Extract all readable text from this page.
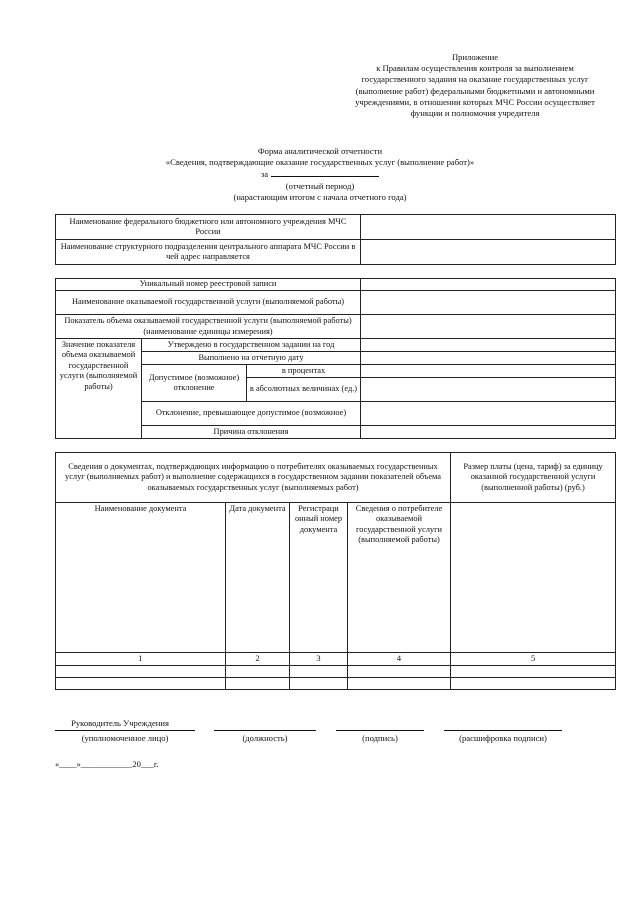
Приложение
к Правилам осуществления контроля за выполнением
государственного задания на оказание государственных услуг
(выполнение работ) федеральными бюджетными и автономными
учреждениями, в отношении которых МЧС России осуществляет
функции и полномочия учредителя
Форма аналитической отчетности
«Сведения, подтверждающие оказание государственных услуг (выполнение работ)»
за
(отчетный период)
(нарастающим итогом с начала отчетного года)
Наименование федерального бюджетного или автономного учреждения МЧС России	
Наименование структурного подразделения центрального аппарата МЧС России в чей адрес направляется	
Уникальный номер реестровой записи			
Наименование оказываемой государственной услуги (выполняемой работы)			
Показатель объема оказываемой государственной услуги (выполняемой работы) (наименование единицы измерения)			
Значение показателя объема оказываемой государственной услуги (выполняемой работы)	Утверждено в государственном задании на год		
	Выполнено на отчетную дату		
	Допустимое (возможное) отклонение	в процентах	
		в абсолютных величинах (ед.)	
	Отклонение, превышающее допустимое (возможное)		
	Причина отклонения		
Сведения о документах, подтверждающих информацию о потребителях оказываемых государственных услуг (выполняемых работ) и выполнение содержащихся в государственном задании показателей объема оказываемых государственных услуг (выполняемых работ)				Размер платы (цена, тариф) за единицу оказанной государственной услуги (выполненной работы) (руб.)
Наименование документа	Дата документа	Регистраци онный номер документа	Сведения о потребителе оказываемой государственной услуги (выполняемой работы)	
1	2	3	4	5

Руководитель Учреждения
(уполномоченное лицо)	(должность)	(подпись)	(расшифровка подписи)
«____»____________20___г.
